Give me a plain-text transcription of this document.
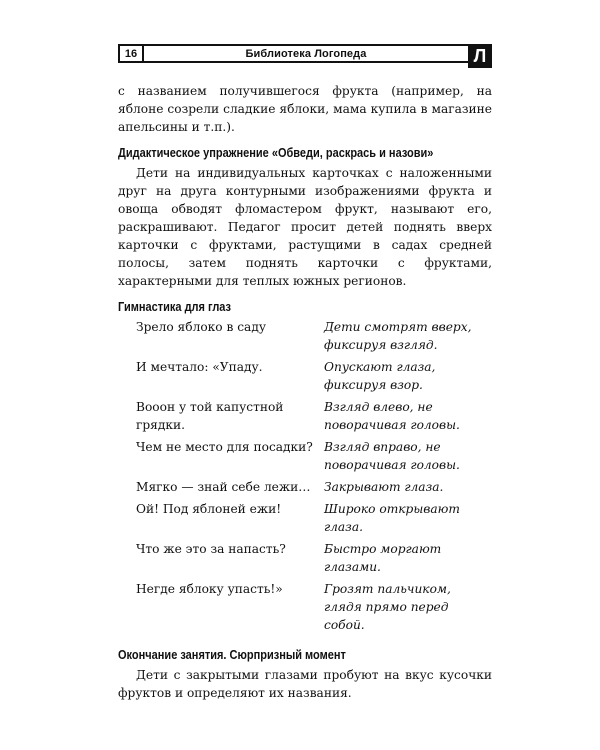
16	Библиотека Логопеда	Л

с названием получившегося фрукта (например, на яблоне созрели сладкие яблоки, мама купила в магазине апельсины и т.п.).

Дидактическое упражнение «Обведи, раскрась и назови»

Дети на индивидуальных карточках с наложенными друг на друга контурными изображениями фрукта и овоща обводят фломастером фрукт, называют его, раскрашивают. Педагог просит детей поднять вверх карточки с фруктами, растущими в садах средней полосы, затем поднять карточки с фруктами, характерными для теплых южных регионов.

Гимнастика для глаз
Зрело яблоко в саду	Дети смотрят вверх, фиксируя взгляд.
И мечтало: «Упаду.	Опускают глаза, фиксируя взор.
Вооон у той капустной грядки.	Взгляд влево, не поворачивая головы.
Чем не место для посадки?	Взгляд вправо, не поворачивая головы.
Мягко — знай себе лежи…	Закрывают глаза.
Ой! Под яблоней ежи!	Широко открывают глаза.
Что же это за напасть?	Быстро моргают глазами.
Негде яблоку упасть!»	Грозят пальчиком, глядя прямо перед собой.
Окончание занятия. Сюрпризный момент

Дети с закрытыми глазами пробуют на вкус кусочки фруктов и определяют их названия.
